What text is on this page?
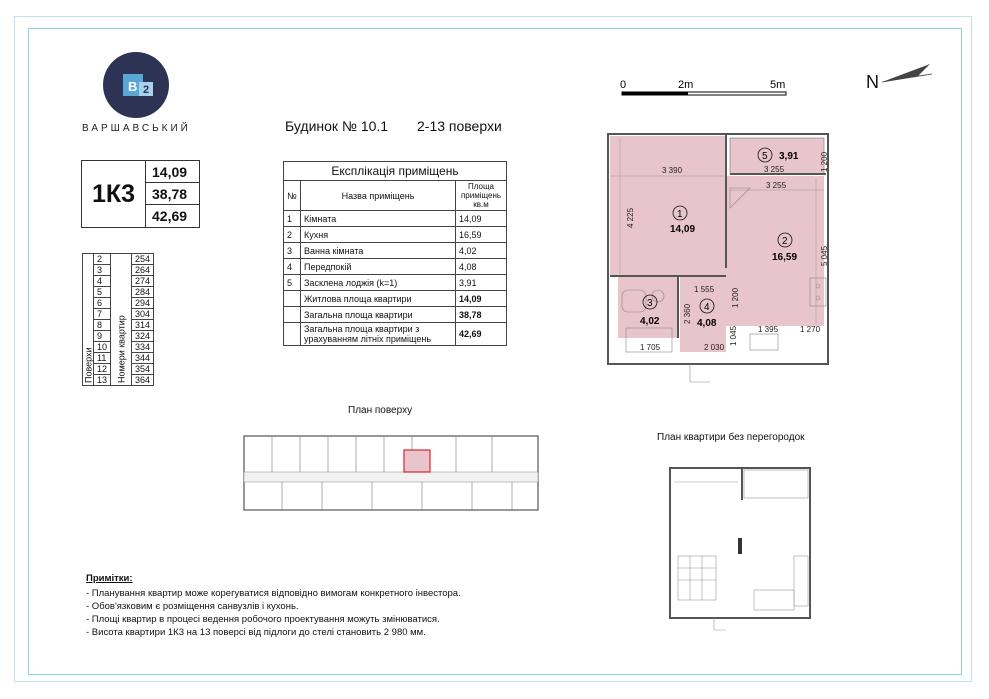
B 2
ВАРШАВСЬКИЙ	Будинок № 10.1 2-13 поверхи
1К3
14,09
38,78
42,69
Поверхи	2	Номери квартир	254
	3		264
	4		274
	5		284
	6		294
	7		304
	8		314
	9		324
	10		334
	11		344
	12		354
	13		364
Експлікація приміщень		
№	Назва приміщень	Площа приміщень кв.м
1	Кімната	14,09
2	Кухня	16,59
3	Ванна кімната	4,02
4	Передпокій	4,08
5	Засклена лоджія (k=1)	3,91
	Житлова площа квартири	14,09
	Загальна площа квартири	38,78
	Загальна площа квартири з урахуванням літніх приміщень	42,69
0	2m	5m	N
1
14,09
2
16,59
3
4,02
4
4,08
5 3,91
3 390	3 255
3 255
1 200
4 225
5 045
1 555 1 200
2 360
1 045	1 395	1 270
1 705	2 030
План поверху
План квартири без перегородок
Примітки:
- Планування квартир може корегуватися відповідно вимогам конкретного інвестора.
- Обов'язковим є розміщення санвузлів і кухонь.
- Площі квартир в процесі ведення робочого проектування можуть змінюватися.
- Висота квартири 1К3 на 13 поверсі від підлоги до стелі становить 2 980 мм.
